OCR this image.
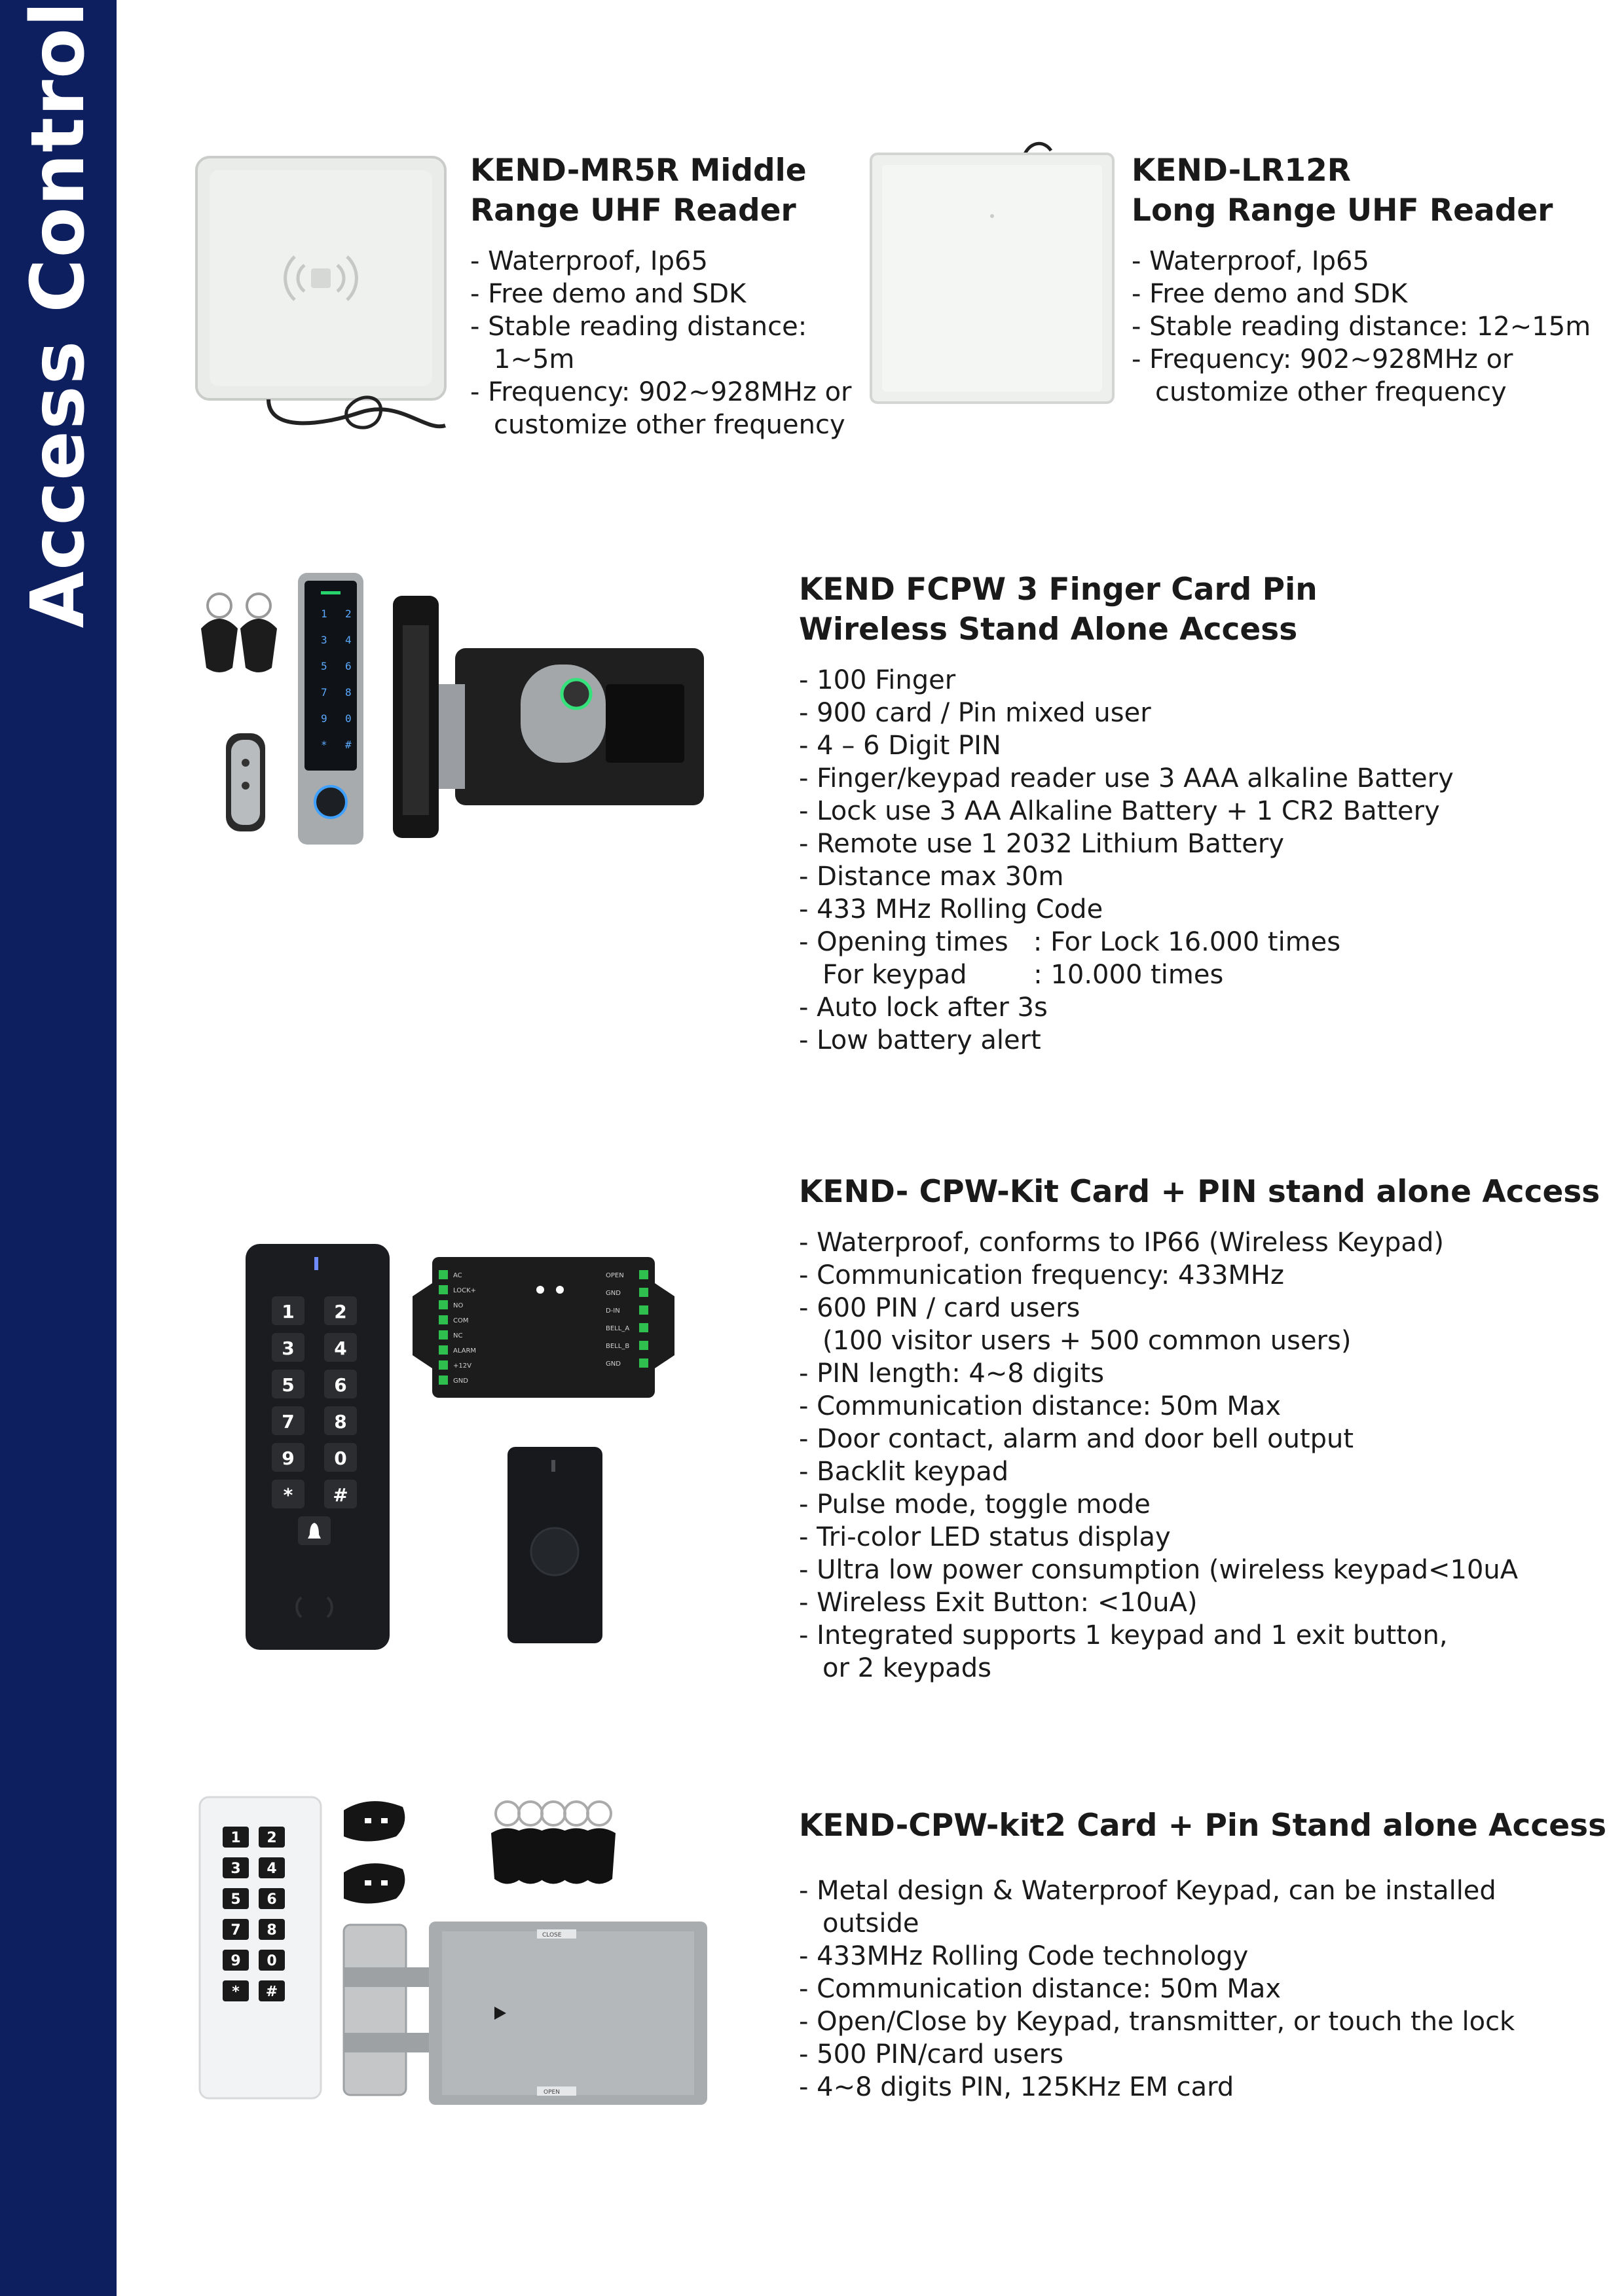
Access Control	KEND-MR5R Middle
Range UHF Reader
- Waterproof, Ip65
- Free demo and SDK
- Stable reading distance:
1~5m
- Frequency: 902~928MHz or
customize other frequency
KEND-LR12R
Long Range UHF Reader
- Waterproof, Ip65
- Free demo and SDK
- Stable reading distance: 12~15m
- Frequency: 902~928MHz or
customize other frequency
1 2
3 4
5 6
7 8
9 0
* #
KEND FCPW 3 Finger Card Pin
Wireless Stand Alone Access
- 100 Finger
- 900 card / Pin mixed user
- 4 – 6 Digit PIN
- Finger/keypad reader use 3 AAA alkaline Battery
- Lock use 3 AA Alkaline Battery + 1 CR2 Battery
- Remote use 1 2032 Lithium Battery
- Distance max 30m
- 433 MHz Rolling Code
- Opening times   : For Lock 16.000 times
For keypad        : 10.000 times
- Auto lock after 3s
- Low battery alert
1 2
3 4
5 6
7 8
9 0
* #
AC
LOCK+
NO
COM
NC
ALARM
+12V
GND
OPEN
GND
D-IN
BELL_A
BELL_B
GND
KEND- CPW-Kit Card + PIN stand alone Access
- Waterproof, conforms to IP66 (Wireless Keypad)
- Communication frequency: 433MHz
- 600 PIN / card users
(100 visitor users + 500 common users)
- PIN length: 4~8 digits
- Communication distance: 50m Max
- Door contact, alarm and door bell output
- Backlit keypad
- Pulse mode, toggle mode
- Tri-color LED status display
- Ultra low power consumption (wireless keypad<10uA
- Wireless Exit Button: <10uA)
- Integrated supports 1 keypad and 1 exit button,
or 2 keypads
1 2
3 4
5 6
7 8
9 0
* #
CLOSE
OPEN
KEND-CPW-kit2 Card + Pin Stand alone Access
- Metal design & Waterproof Keypad, can be installed
outside
- 433MHz Rolling Code technology
- Communication distance: 50m Max
- Open/Close by Keypad, transmitter, or touch the lock
- 500 PIN/card users
- 4~8 digits PIN, 125KHz EM card
